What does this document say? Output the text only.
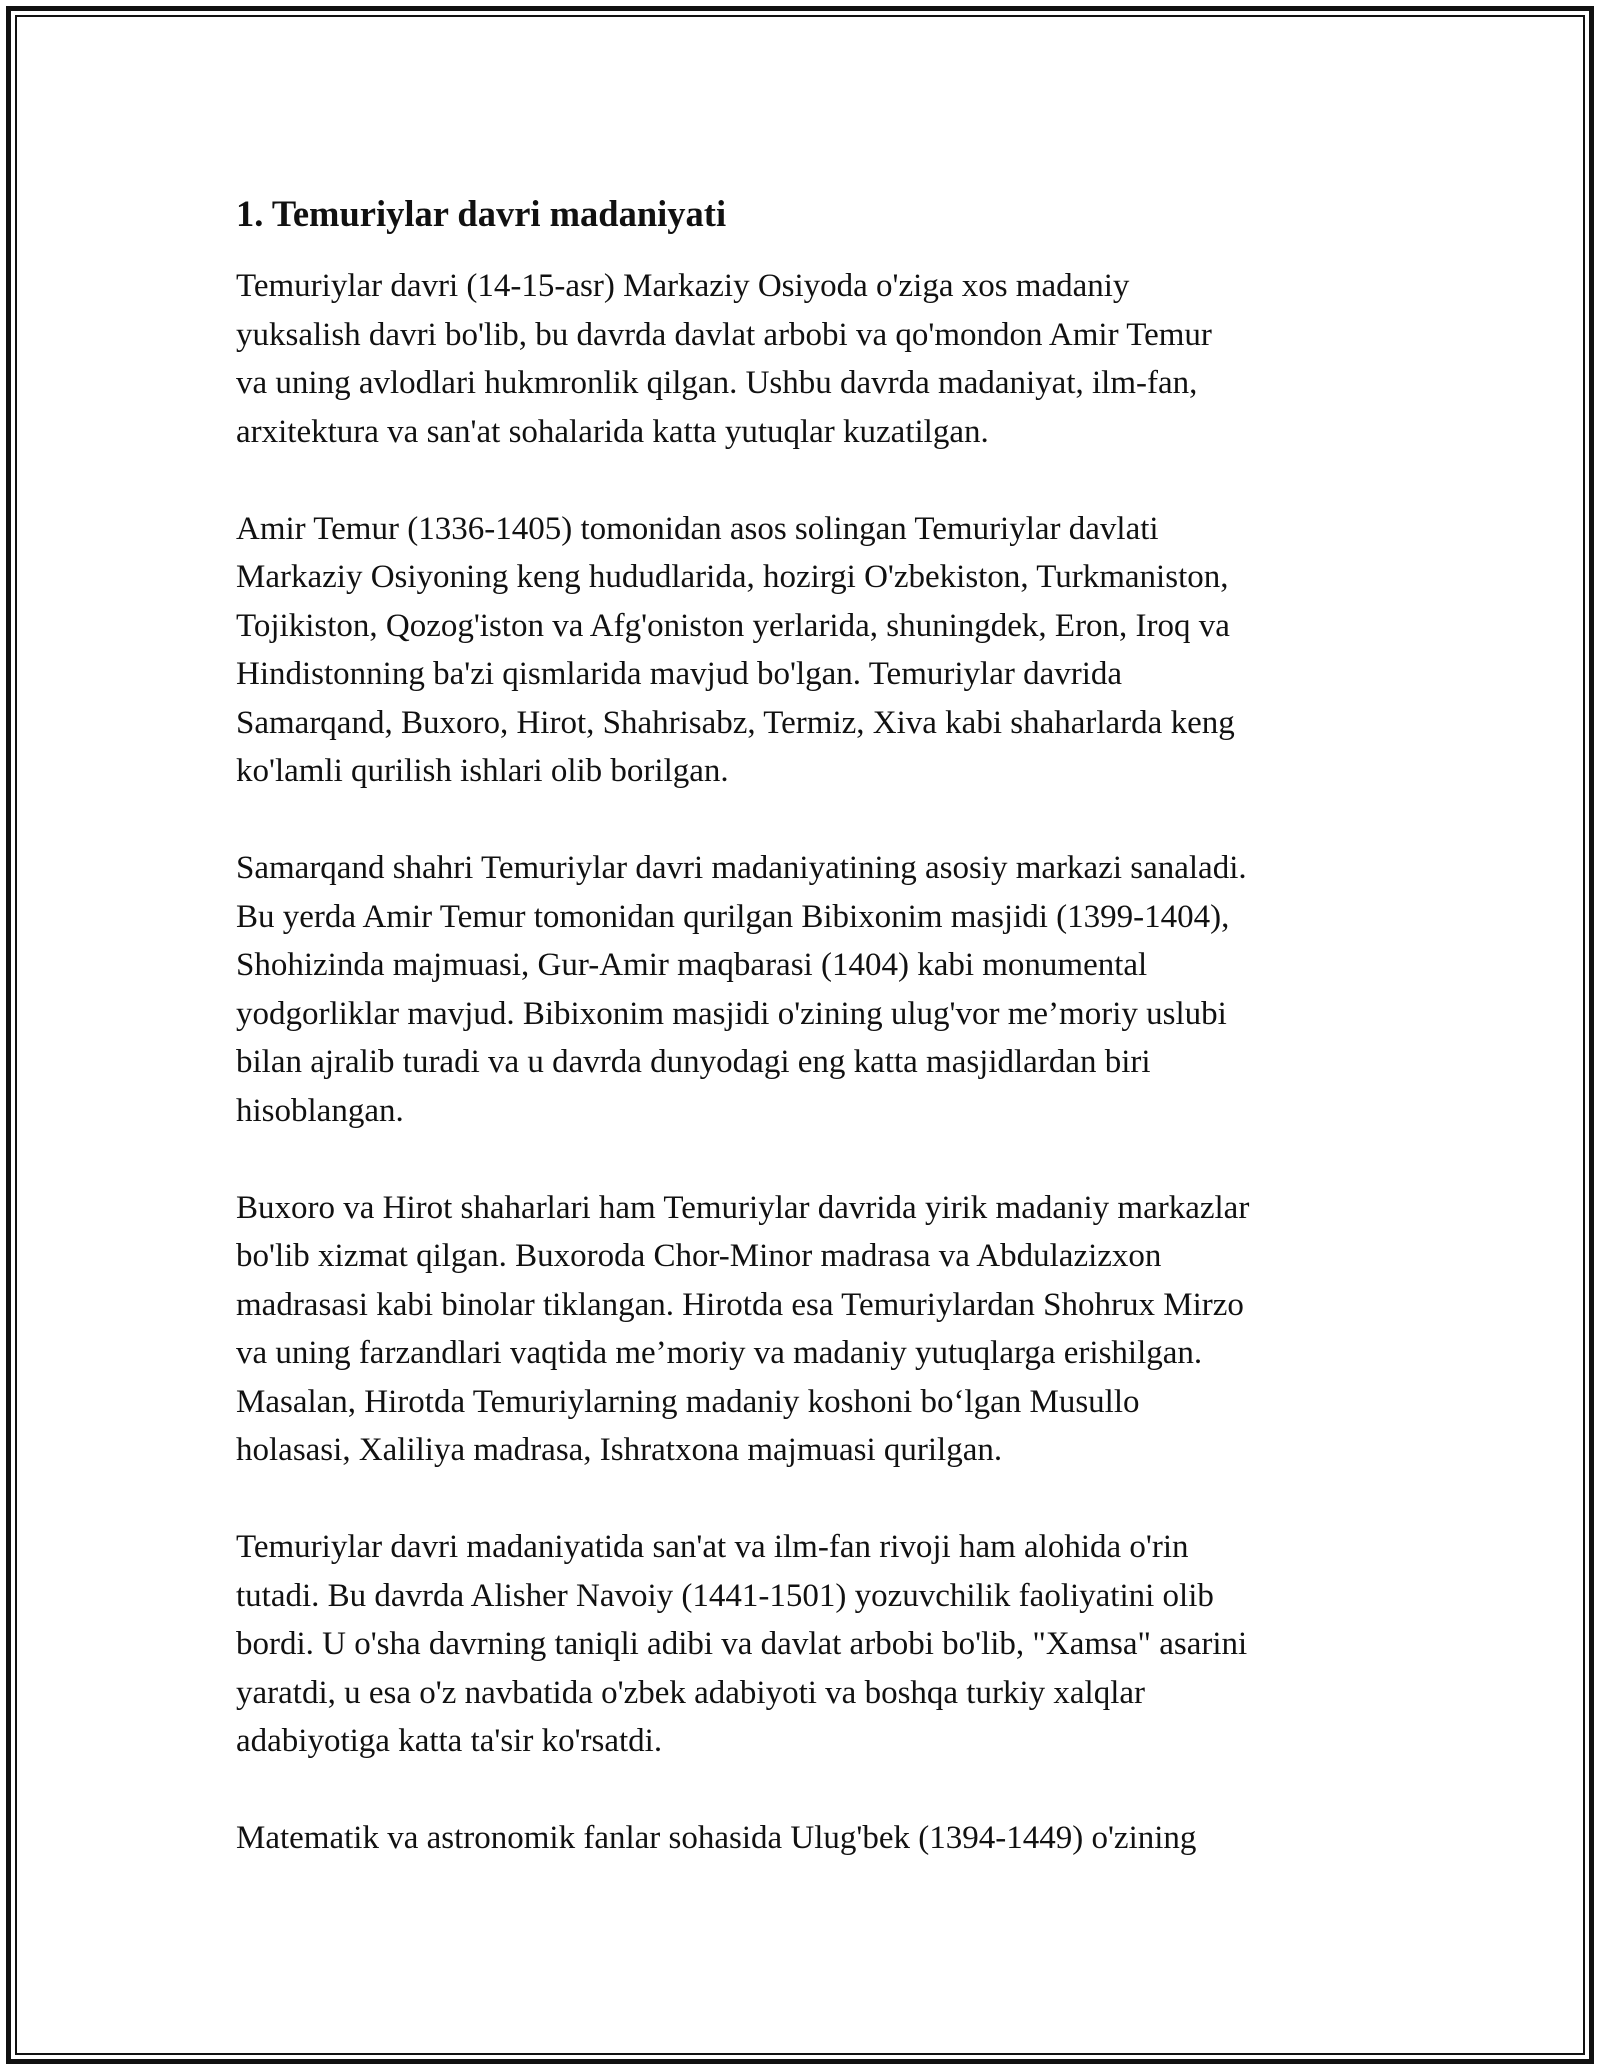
1. Temuriylar davri madaniyati

Temuriylar davri (14-15-asr) Markaziy Osiyoda o'ziga xos madaniy
yuksalish davri bo'lib, bu davrda davlat arbobi va qo'mondon Amir Temur
va uning avlodlari hukmronlik qilgan. Ushbu davrda madaniyat, ilm-fan,
arxitektura va san'at sohalarida katta yutuqlar kuzatilgan.

Amir Temur (1336-1405) tomonidan asos solingan Temuriylar davlati
Markaziy Osiyoning keng hududlarida, hozirgi O'zbekiston, Turkmaniston,
Tojikiston, Qozog'iston va Afg'oniston yerlarida, shuningdek, Eron, Iroq va
Hindistonning ba'zi qismlarida mavjud bo'lgan. Temuriylar davrida
Samarqand, Buxoro, Hirot, Shahrisabz, Termiz, Xiva kabi shaharlarda keng
ko'lamli qurilish ishlari olib borilgan.

Samarqand shahri Temuriylar davri madaniyatining asosiy markazi sanaladi.
Bu yerda Amir Temur tomonidan qurilgan Bibixonim masjidi (1399-1404),
Shohizinda majmuasi, Gur-Amir maqbarasi (1404) kabi monumental
yodgorliklar mavjud. Bibixonim masjidi o'zining ulug'vor me’moriy uslubi
bilan ajralib turadi va u davrda dunyodagi eng katta masjidlardan biri
hisoblangan.

Buxoro va Hirot shaharlari ham Temuriylar davrida yirik madaniy markazlar
bo'lib xizmat qilgan. Buxoroda Chor-Minor madrasa va Abdulazizxon
madrasasi kabi binolar tiklangan. Hirotda esa Temuriylardan Shohrux Mirzo
va uning farzandlari vaqtida me’moriy va madaniy yutuqlarga erishilgan.
Masalan, Hirotda Temuriylarning madaniy koshoni bo‘lgan Musullo
holasasi, Xaliliya madrasa, Ishratxona majmuasi qurilgan.

Temuriylar davri madaniyatida san'at va ilm-fan rivoji ham alohida o'rin
tutadi. Bu davrda Alisher Navoiy (1441-1501) yozuvchilik faoliyatini olib
bordi. U o'sha davrning taniqli adibi va davlat arbobi bo'lib, "Xamsa" asarini
yaratdi, u esa o'z navbatida o'zbek adabiyoti va boshqa turkiy xalqlar
adabiyotiga katta ta'sir ko'rsatdi.

Matematik va astronomik fanlar sohasida Ulug'bek (1394-1449) o'zining
